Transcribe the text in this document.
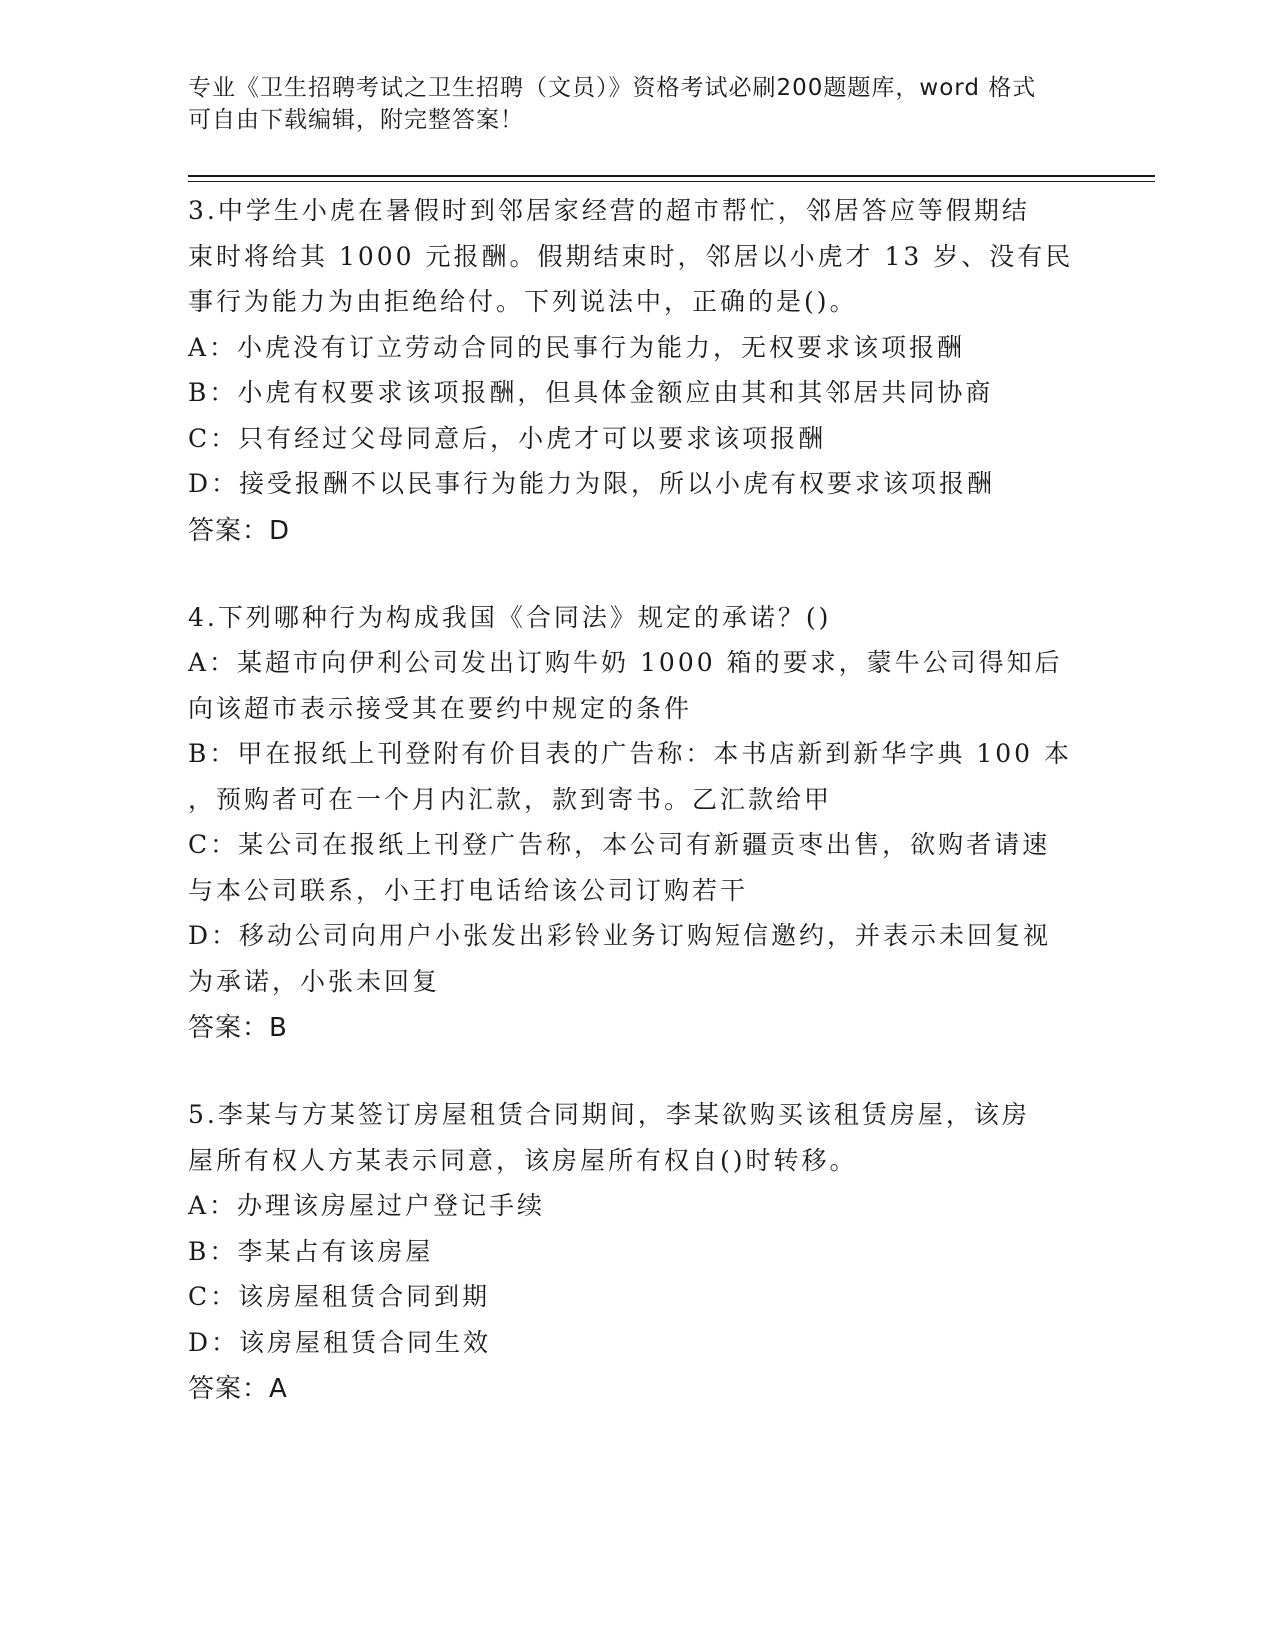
专业《卫生招聘考试之卫生招聘（文员）》资格考试必刷200题题库，word 格式
可自由下载编辑，附完整答案！
3.中学生小虎在暑假时到邻居家经营的超市帮忙，邻居答应等假期结
束时将给其 1000 元报酬。假期结束时，邻居以小虎才 13 岁、没有民
事行为能力为由拒绝给付。下列说法中，正确的是()。
A：小虎没有订立劳动合同的民事行为能力，无权要求该项报酬
B：小虎有权要求该项报酬，但具体金额应由其和其邻居共同协商
C：只有经过父母同意后，小虎才可以要求该项报酬
D：接受报酬不以民事行为能力为限，所以小虎有权要求该项报酬
答案：D
4.下列哪种行为构成我国《合同法》规定的承诺？()
A：某超市向伊利公司发出订购牛奶 1000 箱的要求，蒙牛公司得知后
向该超市表示接受其在要约中规定的条件
B：甲在报纸上刊登附有价目表的广告称：本书店新到新华字典 100 本
，预购者可在一个月内汇款，款到寄书。乙汇款给甲
C：某公司在报纸上刊登广告称，本公司有新疆贡枣出售，欲购者请速
与本公司联系，小王打电话给该公司订购若干
D：移动公司向用户小张发出彩铃业务订购短信邀约，并表示未回复视
为承诺，小张未回复
答案：B
5.李某与方某签订房屋租赁合同期间，李某欲购买该租赁房屋，该房
屋所有权人方某表示同意，该房屋所有权自()时转移。
A：办理该房屋过户登记手续
B：李某占有该房屋
C：该房屋租赁合同到期
D：该房屋租赁合同生效
答案：A
